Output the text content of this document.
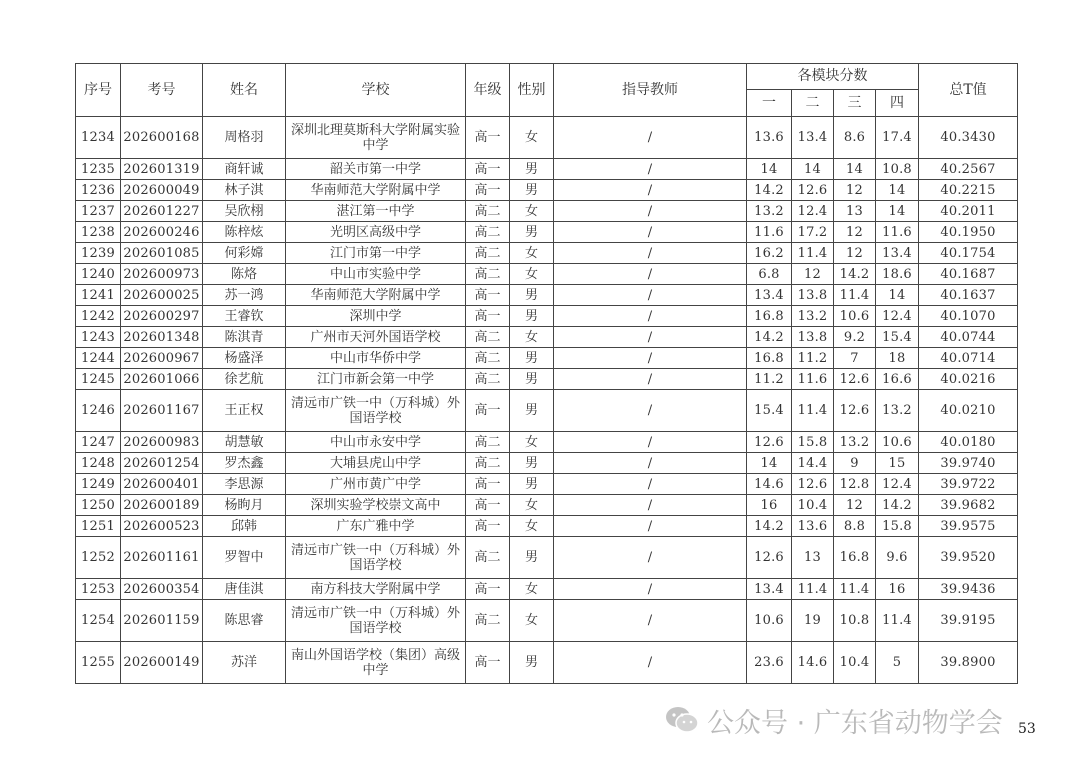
序号	考号	姓名	学校	年级	性别	指导教师	各模块分数				总T值
							一	二	三	四	
1234	202600168	周格羽	深圳北理莫斯科大学附属实验中学	高一	女	/	13.6	13.4	8.6	17.4	40.3430
1235	202601319	商轩诚	韶关市第一中学	高一	男	/	14	14	14	10.8	40.2567
1236	202600049	林子淇	华南师范大学附属中学	高一	男	/	14.2	12.6	12	14	40.2215
1237	202601227	吴欣栩	湛江第一中学	高二	女	/	13.2	12.4	13	14	40.2011
1238	202600246	陈梓炫	光明区高级中学	高二	男	/	11.6	17.2	12	11.6	40.1950
1239	202601085	何彩嫦	江门市第一中学	高二	女	/	16.2	11.4	12	13.4	40.1754
1240	202600973	陈烙	中山市实验中学	高二	女	/	6.8	12	14.2	18.6	40.1687
1241	202600025	苏一鸿	华南师范大学附属中学	高一	男	/	13.4	13.8	11.4	14	40.1637
1242	202600297	王睿钦	深圳中学	高一	男	/	16.8	13.2	10.6	12.4	40.1070
1243	202601348	陈淇青	广州市天河外国语学校	高二	女	/	14.2	13.8	9.2	15.4	40.0744
1244	202600967	杨盛泽	中山市华侨中学	高二	男	/	16.8	11.2	7	18	40.0714
1245	202601066	徐艺航	江门市新会第一中学	高二	男	/	11.2	11.6	12.6	16.6	40.0216
1246	202601167	王正权	清远市广铁一中（万科城）外国语学校	高一	男	/	15.4	11.4	12.6	13.2	40.0210
1247	202600983	胡慧敏	中山市永安中学	高二	女	/	12.6	15.8	13.2	10.6	40.0180
1248	202601254	罗杰鑫	大埔县虎山中学	高二	男	/	14	14.4	9	15	39.9740
1249	202600401	李思源	广州市黄广中学	高一	男	/	14.6	12.6	12.8	12.4	39.9722
1250	202600189	杨眗月	深圳实验学校崇文高中	高一	女	/	16	10.4	12	14.2	39.9682
1251	202600523	邱韩	广东广雅中学	高一	女	/	14.2	13.6	8.8	15.8	39.9575
1252	202601161	罗智中	清远市广铁一中（万科城）外国语学校	高二	男	/	12.6	13	16.8	9.6	39.9520
1253	202600354	唐佳淇	南方科技大学附属中学	高一	女	/	13.4	11.4	11.4	16	39.9436
1254	202601159	陈思睿	清远市广铁一中（万科城）外国语学校	高二	女	/	10.6	19	10.8	11.4	39.9195
1255	202600149	苏洋	南山外国语学校（集团）高级中学	高一	男	/	23.6	14.6	10.4	5	39.8900
公众号 · 广东省动物学会 53
